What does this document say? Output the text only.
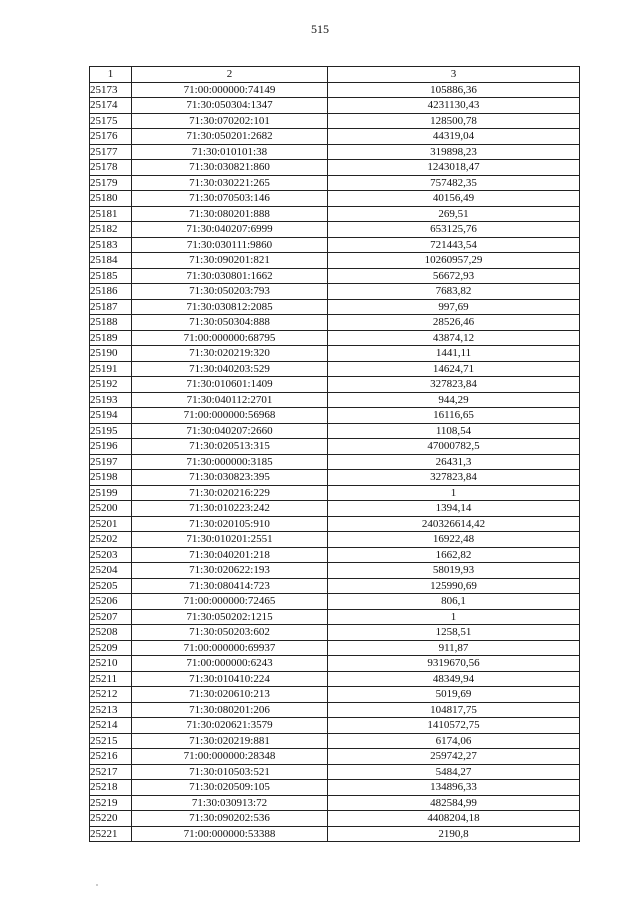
515
1	2	3
25173	71:00:000000:74149	105886,36
25174	71:30:050304:1347	4231130,43
25175	71:30:070202:101	128500,78
25176	71:30:050201:2682	44319,04
25177	71:30:010101:38	319898,23
25178	71:30:030821:860	1243018,47
25179	71:30:030221:265	757482,35
25180	71:30:070503:146	40156,49
25181	71:30:080201:888	269,51
25182	71:30:040207:6999	653125,76
25183	71:30:030111:9860	721443,54
25184	71:30:090201:821	10260957,29
25185	71:30:030801:1662	56672,93
25186	71:30:050203:793	7683,82
25187	71:30:030812:2085	997,69
25188	71:30:050304:888	28526,46
25189	71:00:000000:68795	43874,12
25190	71:30:020219:320	1441,11
25191	71:30:040203:529	14624,71
25192	71:30:010601:1409	327823,84
25193	71:30:040112:2701	944,29
25194	71:00:000000:56968	16116,65
25195	71:30:040207:2660	1108,54
25196	71:30:020513:315	47000782,5
25197	71:30:000000:3185	26431,3
25198	71:30:030823:395	327823,84
25199	71:30:020216:229	1
25200	71:30:010223:242	1394,14
25201	71:30:020105:910	240326614,42
25202	71:30:010201:2551	16922,48
25203	71:30:040201:218	1662,82
25204	71:30:020622:193	58019,93
25205	71:30:080414:723	125990,69
25206	71:00:000000:72465	806,1
25207	71:30:050202:1215	1
25208	71:30:050203:602	1258,51
25209	71:00:000000:69937	911,87
25210	71:00:000000:6243	9319670,56
25211	71:30:010410:224	48349,94
25212	71:30:020610:213	5019,69
25213	71:30:080201:206	104817,75
25214	71:30:020621:3579	1410572,75
25215	71:30:020219:881	6174,06
25216	71:00:000000:28348	259742,27
25217	71:30:010503:521	5484,27
25218	71:30:020509:105	134896,33
25219	71:30:030913:72	482584,99
25220	71:30:090202:536	4408204,18
25221	71:00:000000:53388	2190,8
